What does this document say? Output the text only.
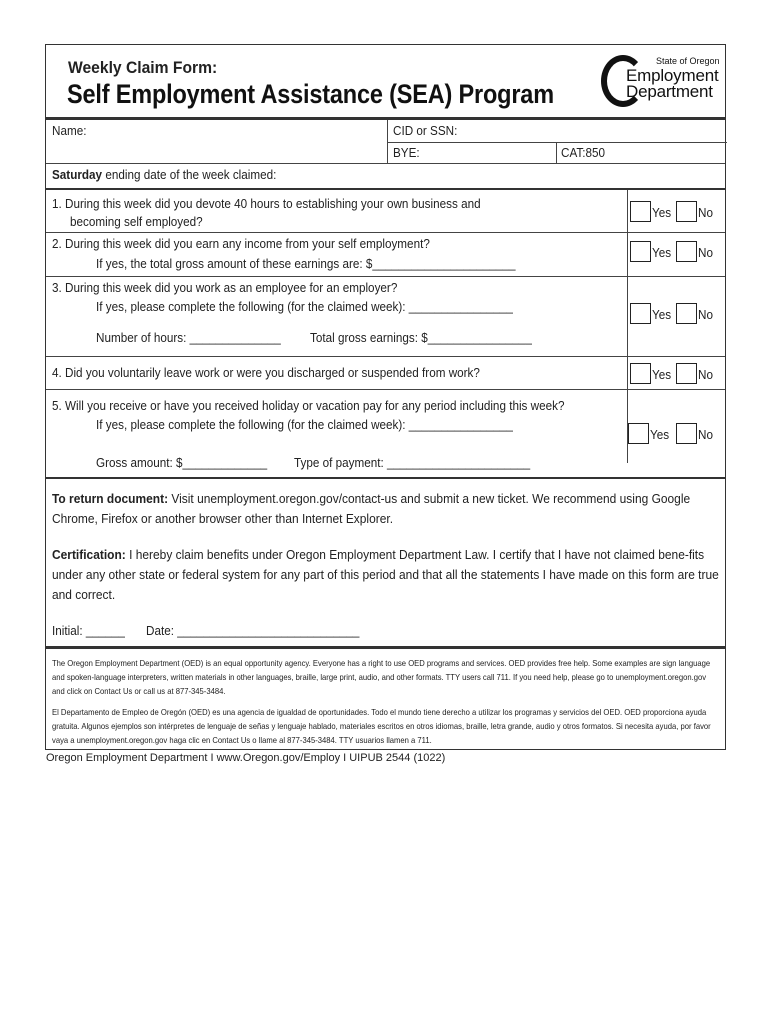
Weekly Claim Form:
Self Employment Assistance (SEA) Program
State of Oregon
Employment
Department
Name:	CID or SSN:
BYE:	CAT:850
Saturday ending date of the week claimed:
1. During this week did you devote 40 hours to establishing your own business and
becoming self employed?
Yes No
2. During this week did you earn any income from your self employment?
If yes, the total gross amount of these earnings are: $______________________
Yes No
3. During this week did you work as an employee for an employer?
If yes, please complete the following (for the claimed week): ________________
Number of hours: ______________ Total gross earnings: $________________
Yes No
4. Did you voluntarily leave work or were you discharged or suspended from work?	Yes No
5. Will you receive or have you received holiday or vacation pay for any period including this week?
If yes, please complete the following (for the claimed week): ________________
Gross amount: $_____________ Type of payment: ______________________
Yes No
To return document: Visit unemployment.oregon.gov/contact-us and submit a new ticket. We recommend using Google Chrome, Firefox or another browser other than Internet Explorer.
Certification: I hereby claim benefits under Oregon Employment Department Law. I certify that I have not claimed bene-fits under any other state or federal system for any part of this period and that all the statements I have made on this form are true and correct.
Initial: ______ Date: ____________________________
The Oregon Employment Department (OED) is an equal opportunity agency. Everyone has a right to use OED programs and services. OED provides free help. Some examples are sign language and spoken-language interpreters, written materials in other languages, braille, large print, audio, and other formats. TTY users call 711. If you need help, please go to unemployment.oregon.gov and click on Contact Us or call us at 877-345-3484.
El Departamento de Empleo de Oregón (OED) es una agencia de igualdad de oportunidades. Todo el mundo tiene derecho a utilizar los programas y servicios del OED. OED proporciona ayuda gratuita. Algunos ejemplos son intérpretes de lenguaje de señas y lenguaje hablado, materiales escritos en otros idiomas, braille, letra grande, audio y otros formatos. Si necesita ayuda, por favor vaya a unemployment.oregon.gov haga clic en Contact Us o llame al 877-345-3484. TTY usuarios llamen a 711.
Oregon Employment Department I www.Oregon.gov/Employ I UIPUB 2544 (1022)
